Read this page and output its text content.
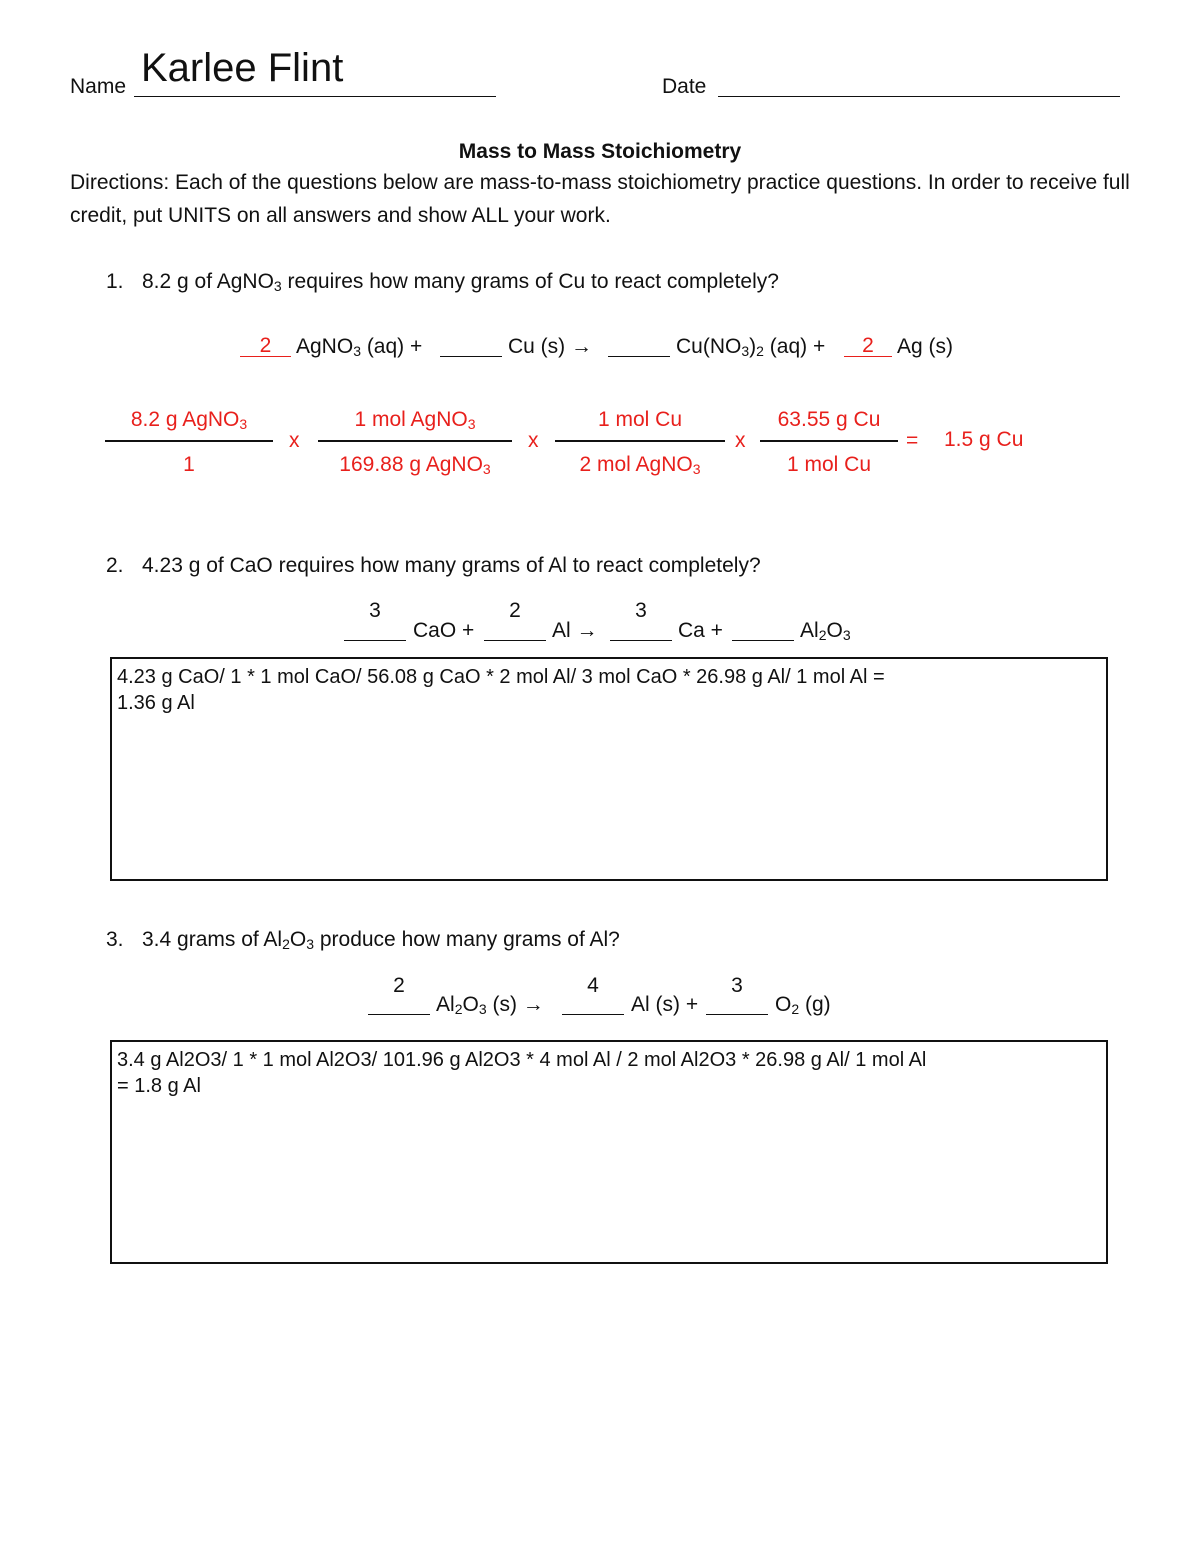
Name Karlee Flint	Date
Mass to Mass Stoichiometry
Directions: Each of the questions below are mass-to-mass stoichiometry practice questions. In order to receive full credit, put UNITS on all answers and show ALL your work.
1. 8.2 g of AgNO$_3$ requires how many grams of Cu to react completely?
2	AgNO$_3$ (aq) +	Cu (s) →	$Cu(NO_3)_2$ (aq) +	2	Ag (s)
8.2 g AgNO$_3$
1
x
1 mol AgNO$_3$
169.88 g AgNO$_3$
x
1 mol Cu
2 mol AgNO$_3$
x
63.55 g Cu
1 mol Cu
= 1.5 g Cu
2. 4.23 g of CaO requires how many grams of Al to react completely?
3
CaO +
2
Al →
3
Ca +	$Al_2O_3$
4.23 g CaO/ 1 * 1 mol CaO/ 56.08 g CaO * 2 mol Al/ 3 mol CaO * 26.98 g Al/ 1 mol Al =
1.36 g Al
3. 3.4 grams of $Al_2O_3$ produce how many grams of Al?
2
$Al_2O_3$ (s) →
4
Al (s) +
3
$O_2$ (g)
3.4 g Al2O3/ 1 * 1 mol Al2O3/ 101.96 g Al2O3 * 4 mol Al / 2 mol Al2O3 * 26.98 g Al/ 1 mol Al
= 1.8 g Al
